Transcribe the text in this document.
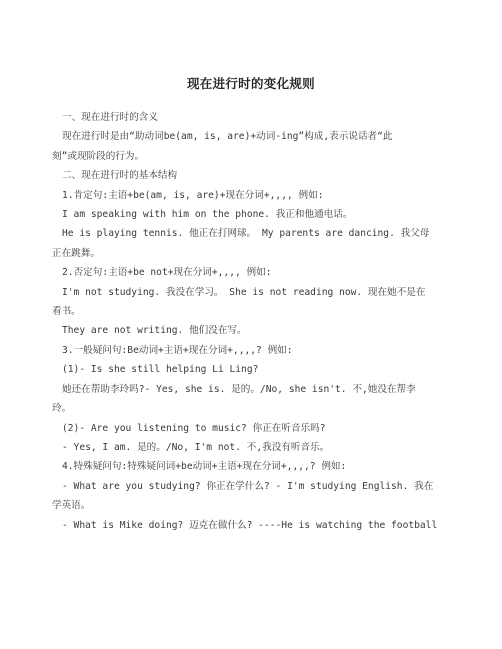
现在进行时的变化规则

一、现在进行时的含义

现在进行时是由“助动词be(am, is, are)+动词-ing”构成,表示说话者“此

刻”或现阶段的行为。

二、现在进行时的基本结构

1.肯定句:主语+be(am, is, are)+现在分词+,,,, 例如:

I am speaking with him on the phone. 我正和他通电话。

He is playing tennis. 他正在打网球。 My parents are dancing. 我父母

正在跳舞。

2.否定句:主语+be not+现在分词+,,,, 例如:

I'm not studying. 我没在学习。 She is not reading now. 现在她不是在

看书。

They are not writing. 他们没在写。

3.一般疑问句:Be动词+主语+现在分词+,,,,? 例如:

(1)- Is she still helping Li Ling?

她还在帮助李玲吗?- Yes, she is. 是的。/No, she isn't. 不,她没在帮李

玲。

(2)- Are you listening to music? 你正在听音乐吗?

- Yes, I am. 是的。/No, I'm not. 不,我没有听音乐。

4.特殊疑问句:特殊疑问词+be动词+主语+现在分词+,,,,? 例如:

- What are you studying? 你正在学什么? - I'm studying English. 我在

学英语。

- What is Mike doing? 迈克在做什么? ----He is watching the football
